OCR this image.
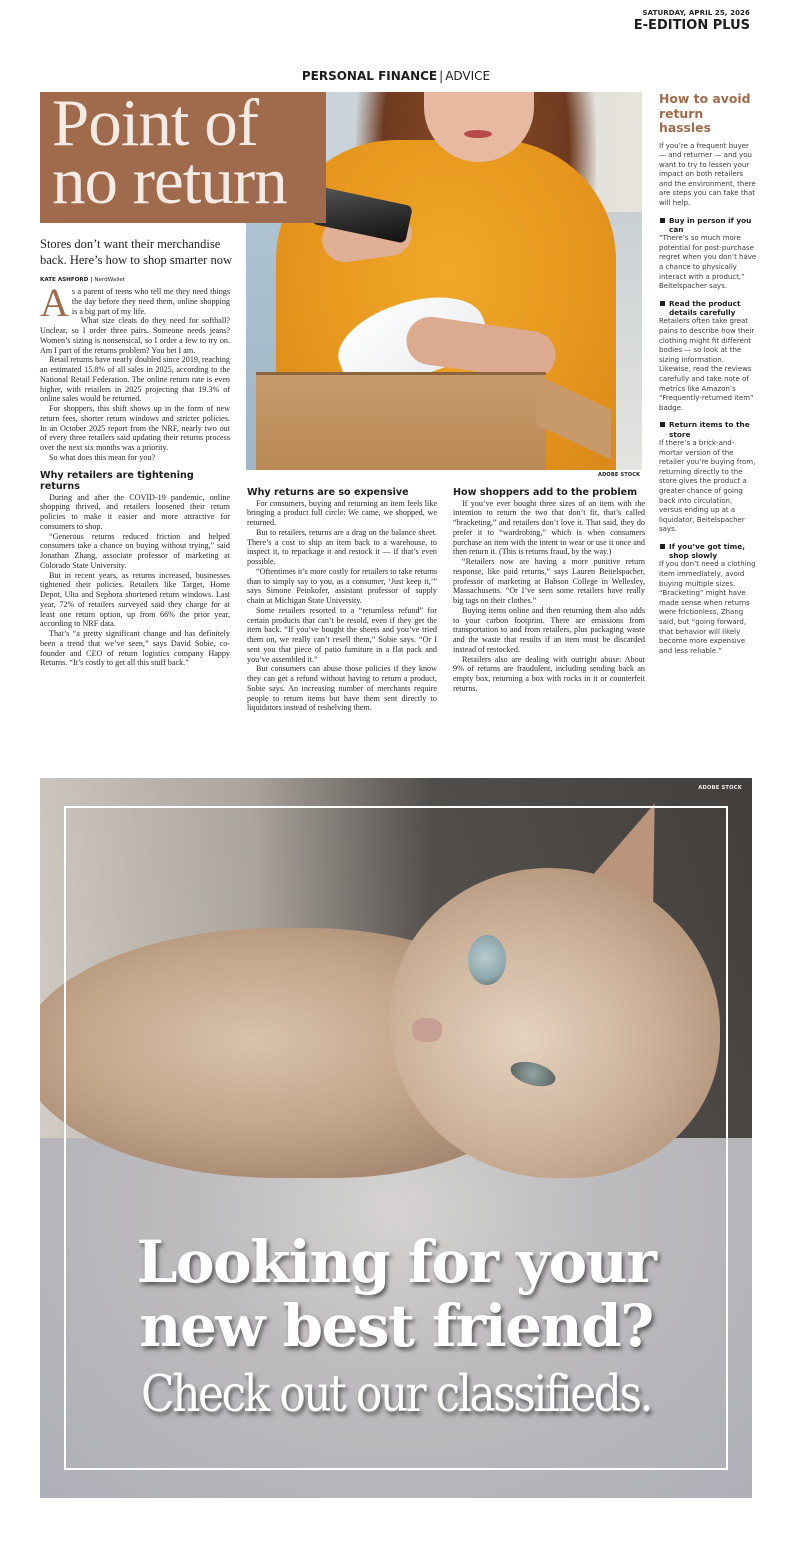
SATURDAY, APRIL 25, 2026
E-EDITION PLUS
PERSONAL FINANCE | ADVICE
ADOBE STOCK
Point of
no return
Stores don’t want their merchandise back. Here’s how to shop smarter now
KATE ASHFORD | NerdWallet

As a parent of teens who tell me they need things the day before they need them, online shopping is a big part of my life.

What size cleats do they need for softball? Unclear, so I order three pairs. Someone needs jeans? Women’s sizing is nonsensical, so I order a few to try on. Am I part of the returns problem? You bet I am.

Retail returns have nearly doubled since 2019, reaching an estimated 15.8% of all sales in 2025, according to the National Retail Federation. The online return rate is even higher, with retailers in 2025 projecting that 19.3% of online sales would be returned.

For shoppers, this shift shows up in the form of new return fees, shorter return windows and stricter policies. In an October 2025 report from the NRF, nearly two out of every three retailers said updating their returns process over the next six months was a priority.

So what does this mean for you?

Why retailers are tightening returns

During and after the COVID-19 pandemic, online shopping thrived, and retailers loosened their return policies to make it easier and more attractive for consumers to shop.

“Generous returns reduced friction and helped consumers take a chance on buying without trying,” said Jonathan Zhang, associate professor of marketing at Colorado State University.

But in recent years, as returns increased, businesses tightened their policies. Retailers like Target, Home Depot, Ulta and Sephora shortened return windows. Last year, 72% of retailers surveyed said they charge for at least one return option, up from 66% the prior year, according to NRF data.

That’s “a pretty significant change and has definitely been a trend that we’ve seen,” says David Sobie, co-founder and CEO of return logistics company Happy Returns. “It’s costly to get all this stuff back.”

Why returns are so expensive

For consumers, buying and returning an item feels like bringing a product full circle: We came, we shopped, we returned.

But to retailers, returns are a drag on the balance sheet. There’s a cost to ship an item back to a warehouse, to inspect it, to repackage it and restock it — if that’s even possible.

“Oftentimes it’s more costly for retailers to take returns than to simply say to you, as a consumer, ‘Just keep it,’” says Simone Peinkofer, assistant professor of supply chain at Michigan State University.

Some retailers resorted to a “returnless refund” for certain products that can’t be resold, even if they get the item back. “If you’ve bought the sheets and you’ve tried them on, we really can’t resell them,” Sobie says. “Or I sent you that piece of patio furniture in a flat pack and you’ve assembled it.”

But consumers can abuse those policies if they know they can get a refund without having to return a product, Sobie says. An increasing number of merchants require people to return items but have them sent directly to liquidators instead of reshelving them.

How shoppers add to the problem

If you’ve ever bought three sizes of an item with the intention to return the two that don’t fit, that’s called “bracketing,” and retailers don’t love it. That said, they do prefer it to “wardrobing,” which is when consumers purchase an item with the intent to wear or use it once and then return it. (This is returns fraud, by the way.)

“Retailers now are having a more punitive return response, like paid returns,” says Lauren Beitelspacher, professor of marketing at Babson College in Wellesley, Massachusetts. “Or I’ve seen some retailers have really big tags on their clothes.”

Buying items online and then returning them also adds to your carbon footprint. There are emissions from transportation to and from retailers, plus packaging waste and the waste that results if an item must be discarded instead of restocked.

Retailers also are dealing with outright abuse: About 9% of returns are fraudulent, including sending back an empty box, returning a box with rocks in it or counterfeit returns.

How to avoid return hassles
If you’re a frequent buyer — and returner — and you want to try to lessen your impact on both retailers and the environment, there are steps you can take that will help.
Buy in person if you can
“There’s so much more potential for post-purchase regret when you don’t have a chance to physically interact with a product,” Beitelspacher says.
Read the product details carefully
Retailers often take great pains to describe how their clothing might fit different bodies — so look at the sizing information. Likewise, read the reviews carefully and take note of metrics like Amazon’s “Frequently-returned item” badge.
Return items to the store
If there’s a brick-and-mortar version of the retailer you’re buying from, returning directly to the store gives the product a greater chance of going back into circulation, versus ending up at a liquidator, Beitelspacher says.
If you’ve got time, shop slowly
If you don’t need a clothing item immediately, avoid buying multiple sizes. “Bracketing” might have made sense when returns were frictionless, Zhang said, but “going forward, that behavior will likely become more expensive and less reliable.”
ADOBE STOCK
Looking for your
new best friend?
Check out our classifieds.
